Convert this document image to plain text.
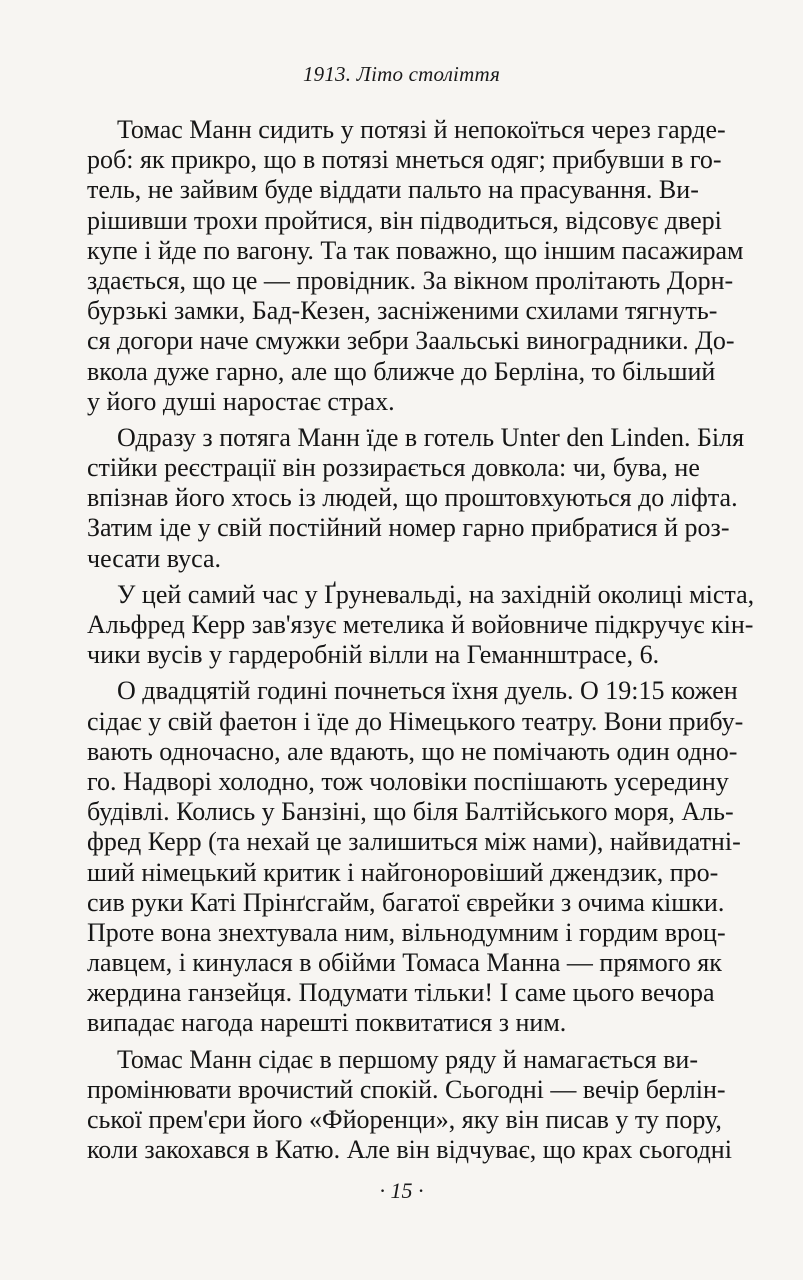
1913. Літо століття
Томас Манн сидить у потязі й непокоїться через гарде-
роб: як прикро, що в потязі мнеться одяг; прибувши в го-
тель, не зайвим буде віддати пальто на прасування. Ви-
рішивши трохи пройтися, він підводиться, відсовує двері
купе і йде по вагону. Та так поважно, що іншим пасажирам
здається, що це — провідник. За вікном пролітають Дорн-
бурзькі замки, Бад-Кезен, засніженими схилами тягнуть-
ся догори наче смужки зебри Заальські виноградники. До-
вкола дуже гарно, але що ближче до Берліна, то більший
у його душі наростає страх.
Одразу з потяга Манн їде в готель Unter den Linden. Біля
стійки реєстрації він роззирається довкола: чи, бува, не
впізнав його хтось із людей, що проштовхуються до ліфта.
Затим іде у свій постійний номер гарно прибратися й роз-
чесати вуса.
У цей самий час у Ґруневальді, на західній околиці міста,
Альфред Керр зав'язує метелика й войовниче підкручує кін-
чики вусів у гардеробній вілли на Геманнштрасе, 6.
О двадцятій годині почнеться їхня дуель. О 19:15 кожен
сідає у свій фаетон і їде до Німецького театру. Вони прибу-
вають одночасно, але вдають, що не помічають один одно-
го. Надворі холодно, тож чоловіки поспішають усередину
будівлі. Колись у Банзіні, що біля Балтійського моря, Аль-
фред Керр (та нехай це залишиться між нами), найвидатні-
ший німецький критик і найгоноровіший джендзик, про-
сив руки Каті Прінґсгайм, багатої єврейки з очима кішки.
Проте вона знехтувала ним, вільнодумним і гордим вроц-
лавцем, і кинулася в обійми Томаса Манна — прямого як
жердина ганзейця. Подумати тільки! І саме цього вечора
випадає нагода нарешті поквитатися з ним.
Томас Манн сідає в першому ряду й намагається ви-
промінювати врочистий спокій. Сьогодні — вечір берлін-
ської прем'єри його «Фйоренци», яку він писав у ту пору,
коли закохався в Катю. Але він відчуває, що крах сьогодні
· 15 ·
